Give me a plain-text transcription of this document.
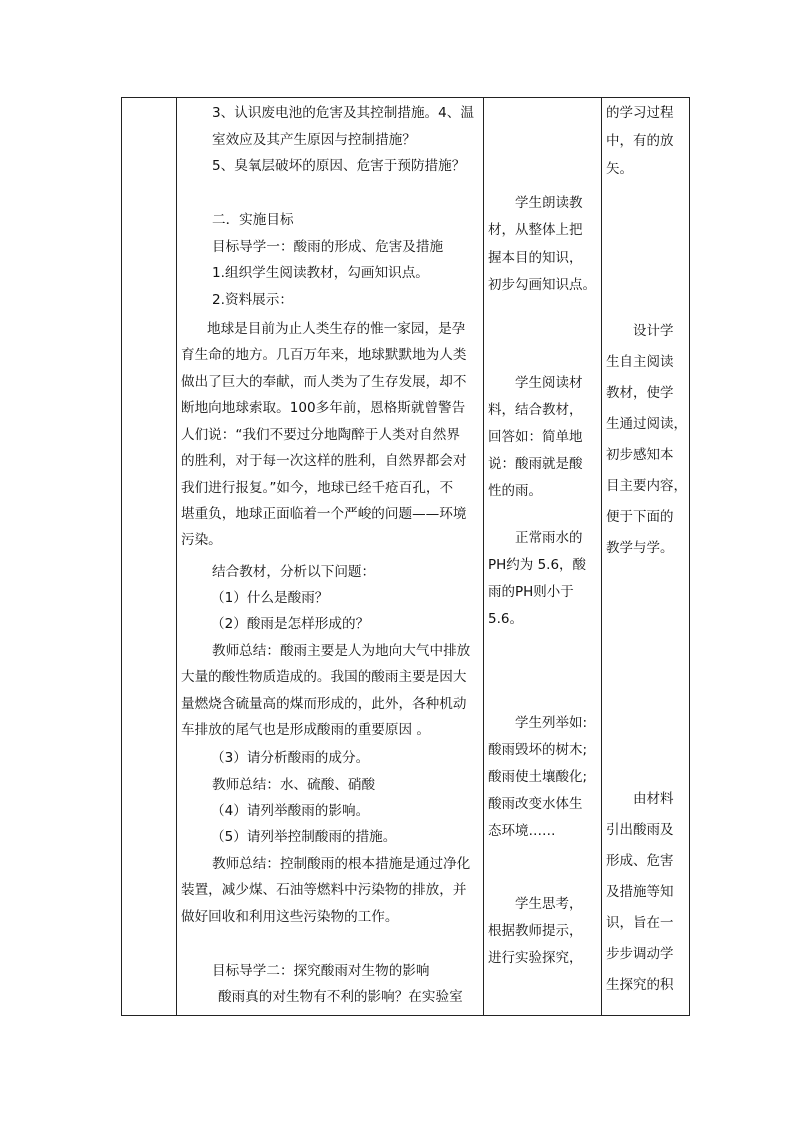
3、认识废电池的危害及其控制措施。4、温
室效应及其产生原因与控制措施？
5、臭氧层破坏的原因、危害于预防措施？
二．实施目标
目标导学一：酸雨的形成、危害及措施
1.组织学生阅读教材，勾画知识点。
2.资料展示：
地球是目前为止人类生存的惟一家园，是孕
育生命的地方。几百万年来，地球默默地为人类
做出了巨大的奉献，而人类为了生存发展，却不
断地向地球索取。100多年前，恩格斯就曾警告
人们说：“我们不要过分地陶醉于人类对自然界
的胜利，对于每一次这样的胜利，自然界都会对
我们进行报复。”如今，地球已经千疮百孔，不
堪重负，地球正面临着一个严峻的问题——环境
污染。
结合教材，分析以下问题：
（1）什么是酸雨？
（2）酸雨是怎样形成的？
教师总结：酸雨主要是人为地向大气中排放
大量的酸性物质造成的。我国的酸雨主要是因大
量燃烧含硫量高的煤而形成的，此外，各种机动
车排放的尾气也是形成酸雨的重要原因 。
（3）请分析酸雨的成分。
教师总结：水、硫酸、硝酸
（4）请列举酸雨的影响。
（5）请列举控制酸雨的措施。
教师总结：控制酸雨的根本措施是通过净化
装置，减少煤、石油等燃料中污染物的排放，并
做好回收和利用这些污染物的工作。
目标导学二：探究酸雨对生物的影响
酸雨真的对生物有不利的影响？在实验室
学生朗读教
材，从整体上把
握本目的知识，
初步勾画知识点。
学生阅读材
料，结合教材，
回答如：简单地
说：酸雨就是酸
性的雨。
正常雨水的
PH约为 5.6，酸
雨的PH则小于
5.6。
学生列举如:
酸雨毁坏的树木;
酸雨使土壤酸化;
酸雨改变水体生
态环境……
学生思考，
根据教师提示，
进行实验探究，
的学习过程
中，有的放
矢。
设计学
生自主阅读
教材，使学
生通过阅读，
初步感知本
目主要内容，
便于下面的
教学与学。
由材料
引出酸雨及
形成、危害
及措施等知
识，旨在一
步步调动学
生探究的积
